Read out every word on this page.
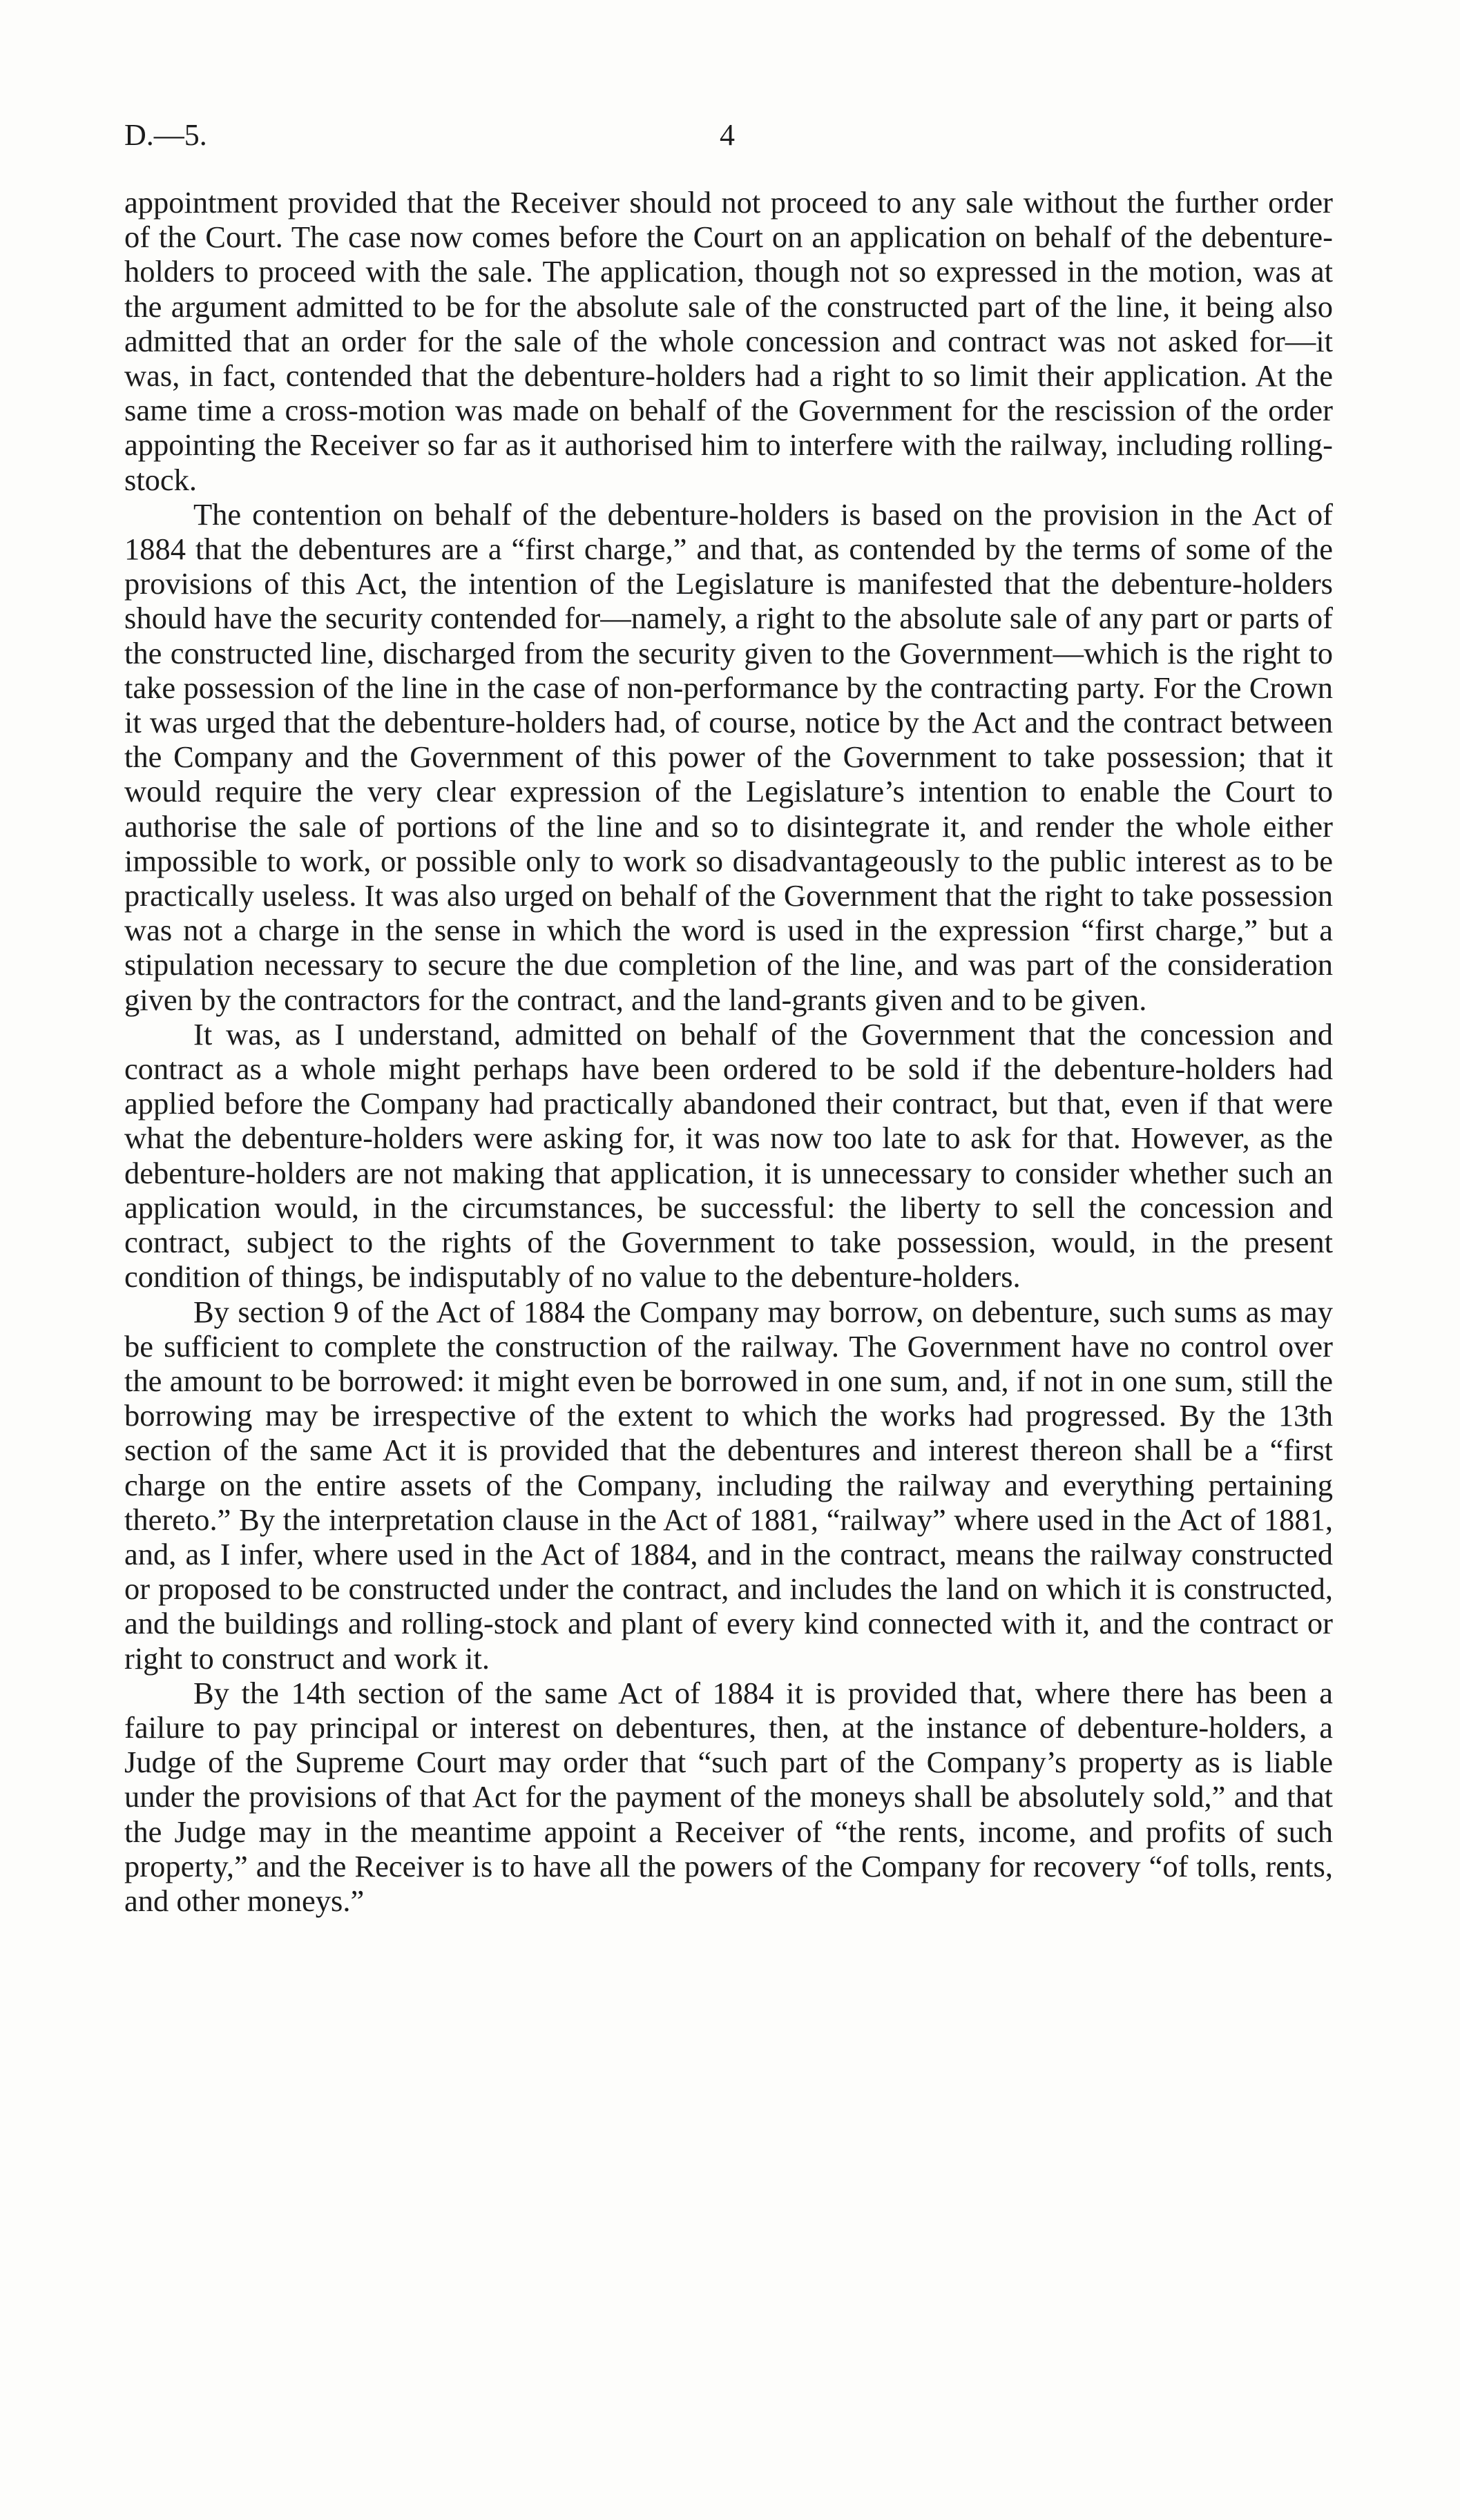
D.—5.	4

appointment provided that the Receiver should not proceed to any sale without the further order of the Court. The case now comes before the Court on an application on behalf of the debenture-holders to proceed with the sale. The application, though not so expressed in the motion, was at the argument admitted to be for the absolute sale of the constructed part of the line, it being also admitted that an order for the sale of the whole concession and contract was not asked for—it was, in fact, contended that the debenture-holders had a right to so limit their application. At the same time a cross-motion was made on behalf of the Government for the rescission of the order appointing the Receiver so far as it authorised him to interfere with the railway, including rolling-stock.

The contention on behalf of the debenture-holders is based on the provision in the Act of 1884 that the debentures are a “first charge,” and that, as contended by the terms of some of the provisions of this Act, the intention of the Legislature is manifested that the debenture-holders should have the security contended for—namely, a right to the absolute sale of any part or parts of the constructed line, discharged from the security given to the Government—which is the right to take possession of the line in the case of non-performance by the contracting party. For the Crown it was urged that the debenture-holders had, of course, notice by the Act and the contract between the Company and the Government of this power of the Government to take possession; that it would require the very clear expression of the Legislature’s intention to enable the Court to authorise the sale of portions of the line and so to disintegrate it, and render the whole either impossible to work, or possible only to work so disadvantageously to the public interest as to be practically useless. It was also urged on behalf of the Government that the right to take possession was not a charge in the sense in which the word is used in the expression “first charge,” but a stipulation necessary to secure the due completion of the line, and was part of the consideration given by the contractors for the contract, and the land-grants given and to be given.

It was, as I understand, admitted on behalf of the Government that the concession and contract as a whole might perhaps have been ordered to be sold if the debenture-holders had applied before the Company had practically abandoned their contract, but that, even if that were what the debenture-holders were asking for, it was now too late to ask for that. However, as the debenture-holders are not making that application, it is unnecessary to consider whether such an application would, in the circumstances, be successful: the liberty to sell the concession and contract, subject to the rights of the Government to take possession, would, in the present condition of things, be indisputably of no value to the debenture-holders.

By section 9 of the Act of 1884 the Company may borrow, on debenture, such sums as may be sufficient to complete the construction of the railway. The Government have no control over the amount to be borrowed: it might even be borrowed in one sum, and, if not in one sum, still the borrowing may be irrespective of the extent to which the works had progressed. By the 13th section of the same Act it is provided that the debentures and interest thereon shall be a “first charge on the entire assets of the Company, including the railway and everything pertaining thereto.” By the interpretation clause in the Act of 1881, “railway” where used in the Act of 1881, and, as I infer, where used in the Act of 1884, and in the contract, means the railway constructed or proposed to be constructed under the contract, and includes the land on which it is constructed, and the buildings and rolling-stock and plant of every kind connected with it, and the contract or right to construct and work it.

By the 14th section of the same Act of 1884 it is provided that, where there has been a failure to pay principal or interest on debentures, then, at the instance of debenture-holders, a Judge of the Supreme Court may order that “such part of the Company’s property as is liable under the provisions of that Act for the payment of the moneys shall be absolutely sold,” and that the Judge may in the meantime appoint a Receiver of “the rents, income, and profits of such property,” and the Receiver is to have all the powers of the Company for recovery “of tolls, rents, and other moneys.”
